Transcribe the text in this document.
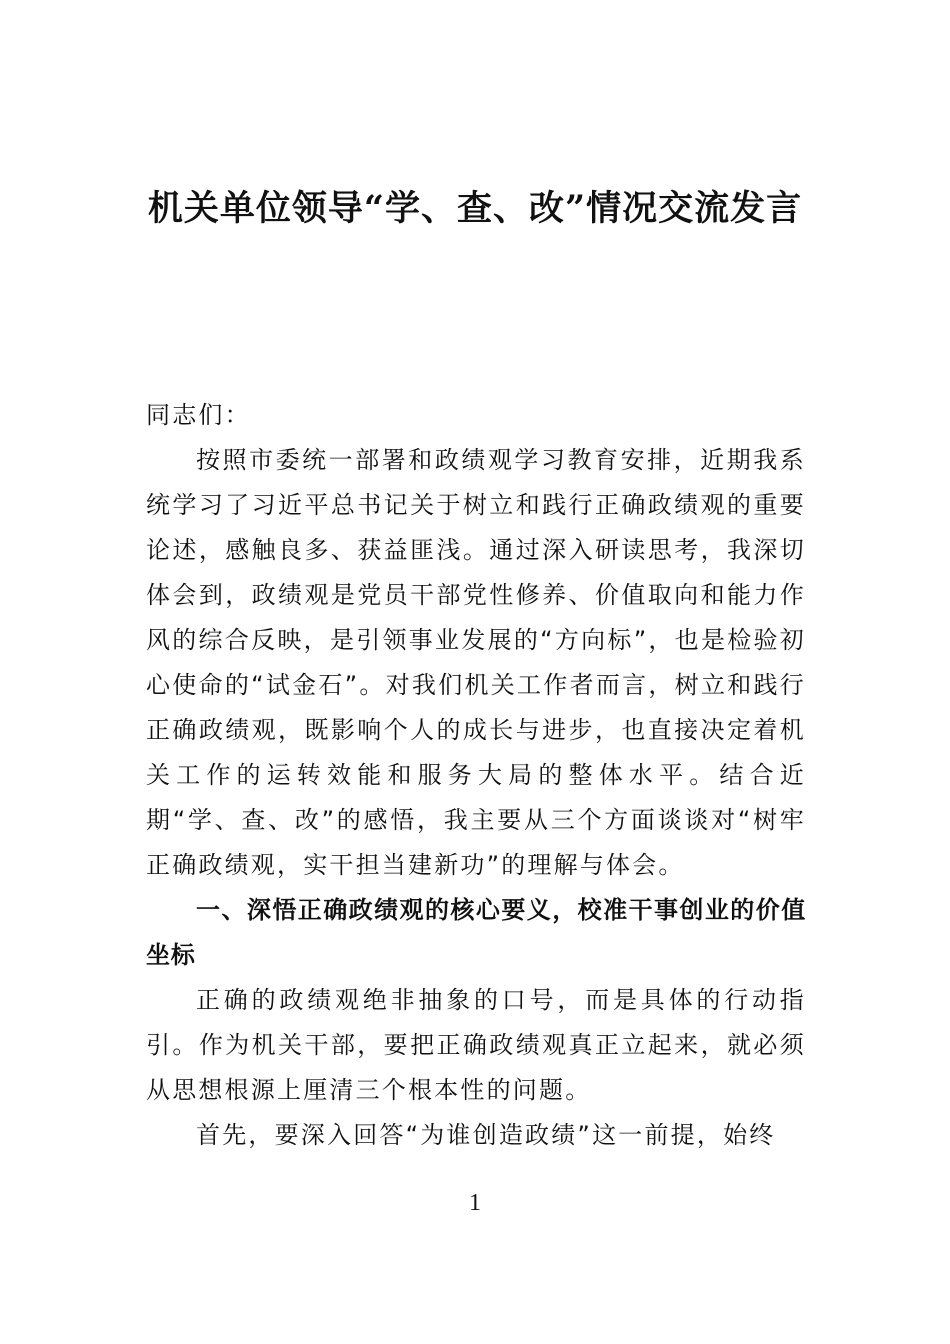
机关单位领导“学、查、改”情况交流发言

同志们：

按照市委统一部署和政绩观学习教育安排，近期我系统学习了习近平总书记关于树立和践行正确政绩观的重要论述，感触良多、获益匪浅。通过深入研读思考，我深切体会到，政绩观是党员干部党性修养、价值取向和能力作风的综合反映，是引领事业发展的“方向标”，也是检验初心使命的“试金石”。对我们机关工作者而言，树立和践行正确政绩观，既影响个人的成长与进步，也直接决定着机关工作的运转效能和服务大局的整体水平。结合近期“学、查、改”的感悟，我主要从三个方面谈谈对“树牢正确政绩观，实干担当建新功”的理解与体会。

一、深悟正确政绩观的核心要义，校准干事创业的价值坐标

正确的政绩观绝非抽象的口号，而是具体的行动指引。作为机关干部，要把正确政绩观真正立起来，就必须从思想根源上厘清三个根本性的问题。

首先，要深入回答“为谁创造政绩”这一前提，始终

1
